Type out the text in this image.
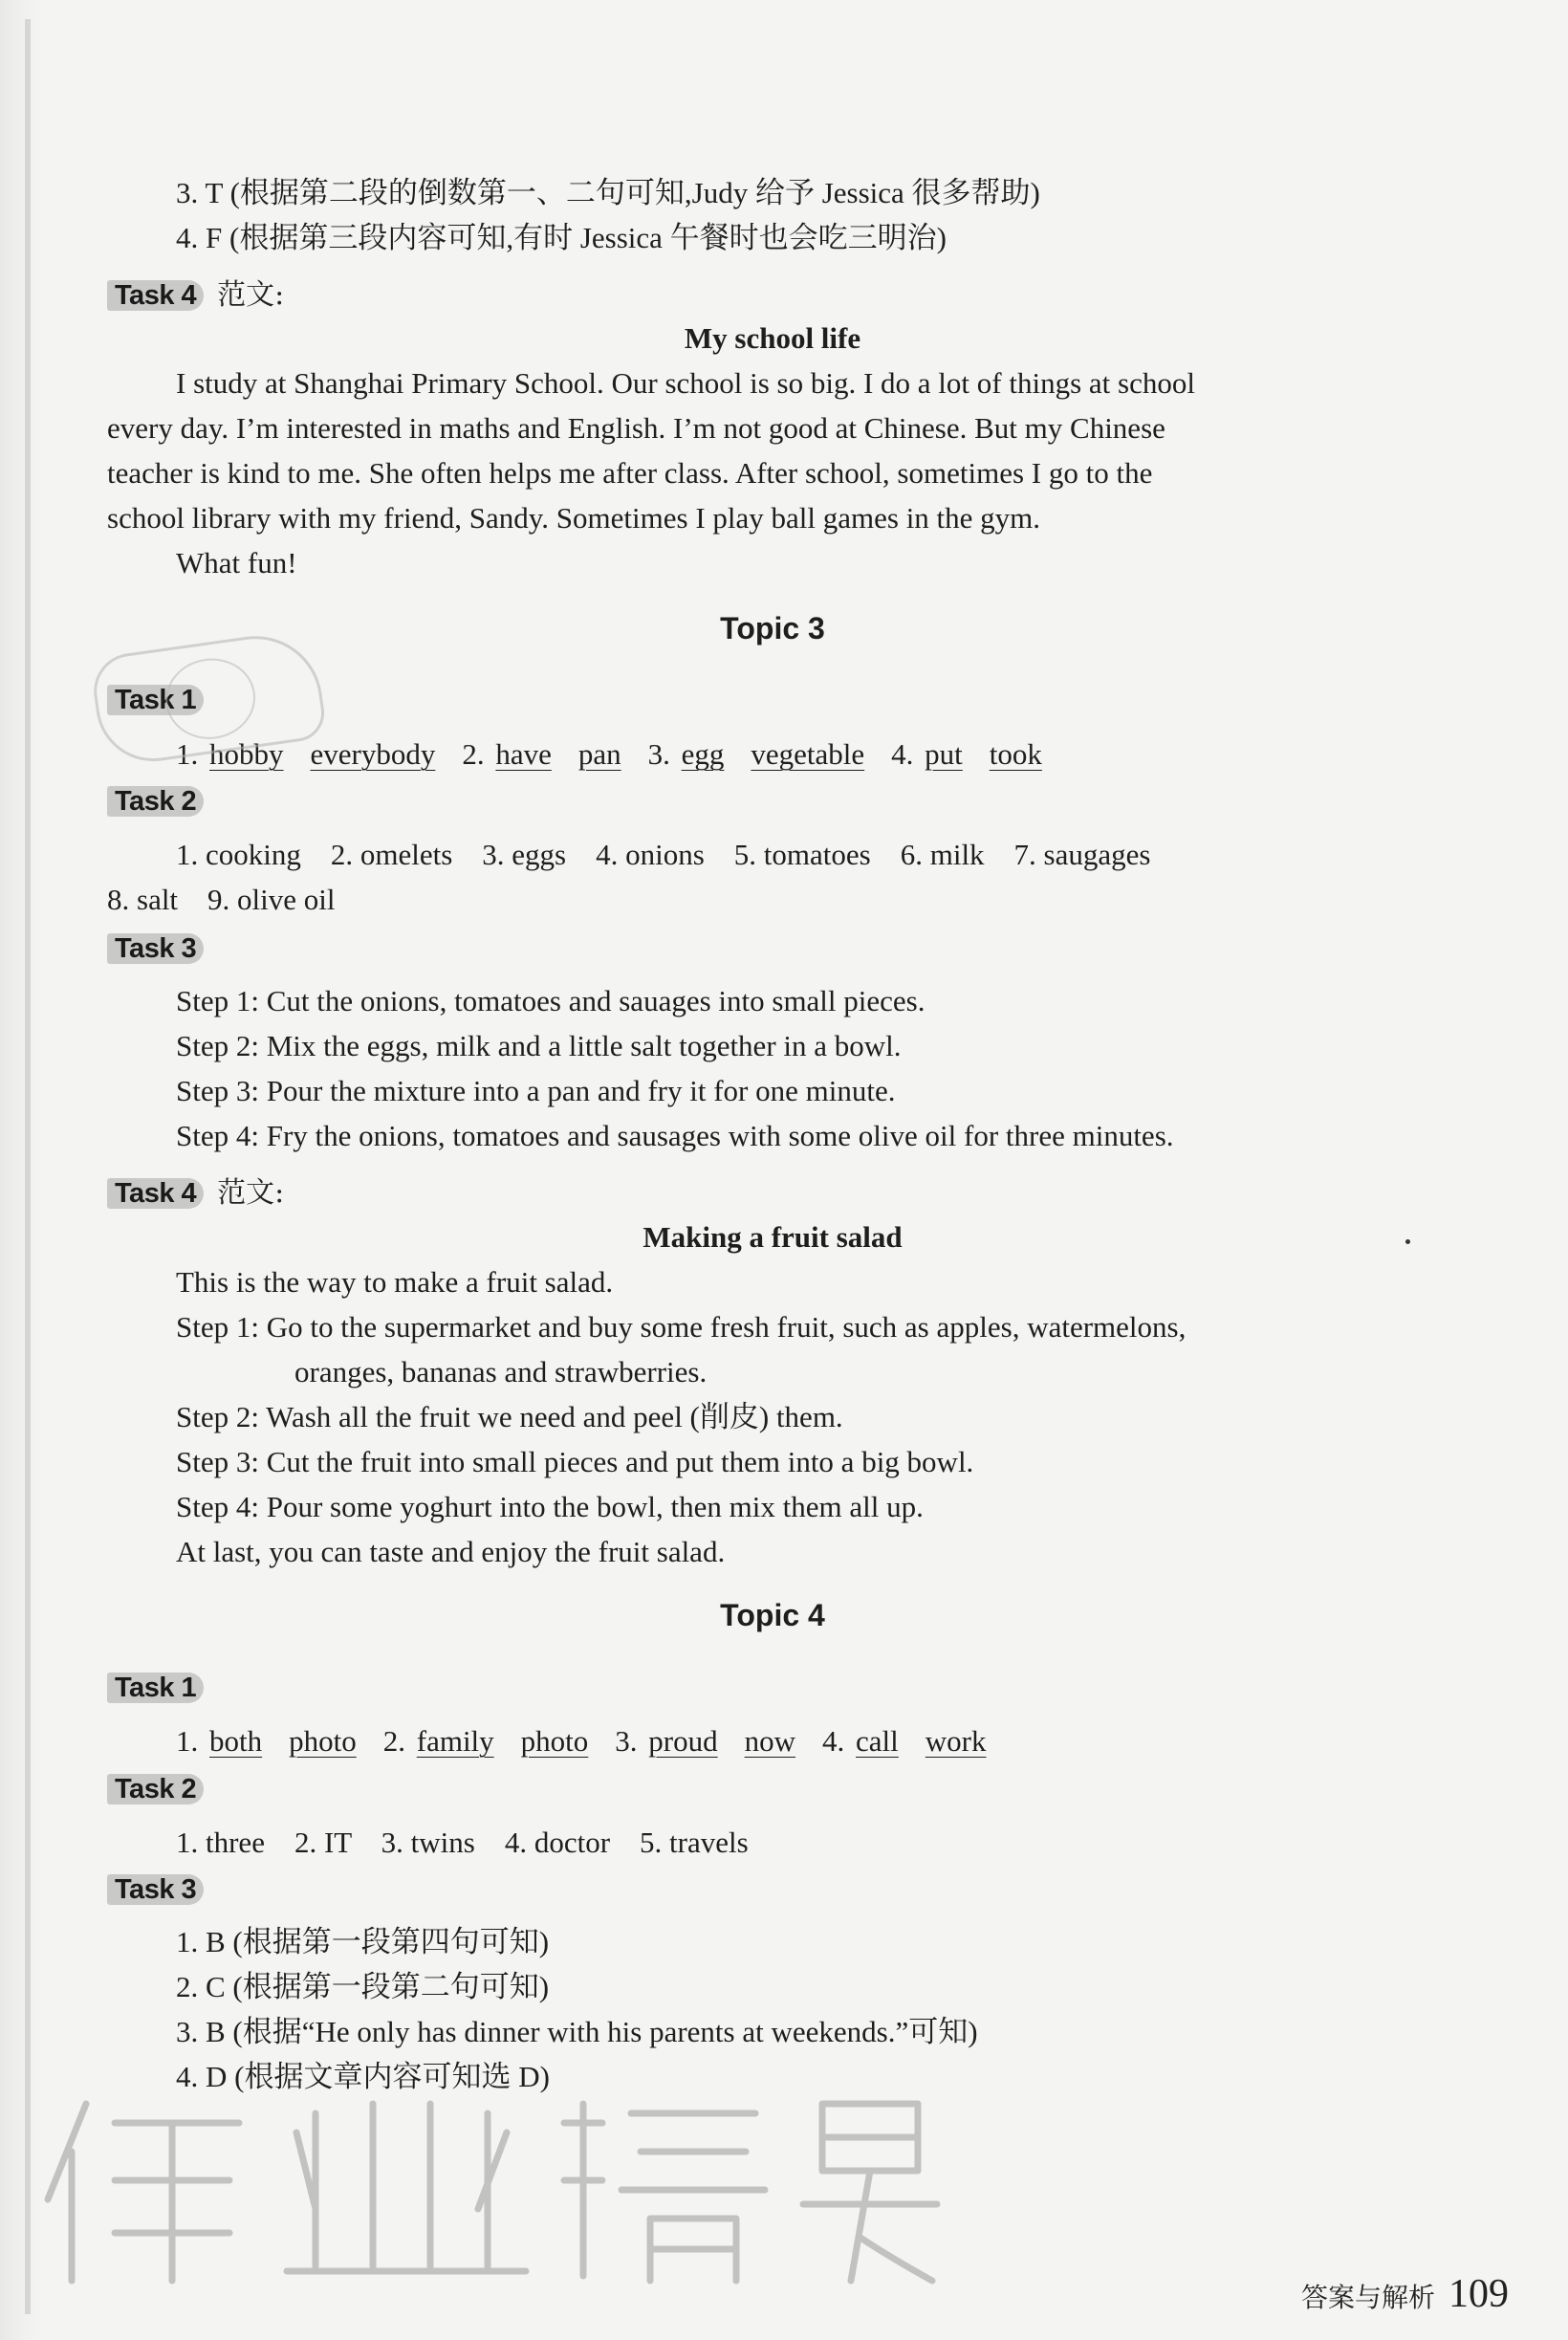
3. T (根据第二段的倒数第一、二句可知,Judy 给予 Jessica 很多帮助)
4. F (根据第三段内容可知,有时 Jessica 午餐时也会吃三明治)
Task 4 范文:
My school life
I study at Shanghai Primary School. Our school is so big. I do a lot of things at school
every day. I’m interested in maths and English. I’m not good at Chinese. But my Chinese
teacher is kind to me. She often helps me after class. After school, sometimes I go to the
school library with my friend, Sandy. Sometimes I play ball games in the gym.
What fun!
Topic 3
Task 1
1. hobby everybody 2. have pan 3. egg vegetable 4. put took
Task 2
1. cooking    2. omelets    3. eggs    4. onions    5. tomatoes    6. milk    7. saugages
8. salt    9. olive oil
Task 3
Step 1: Cut the onions, tomatoes and sauages into small pieces.
Step 2: Mix the eggs, milk and a little salt together in a bowl.
Step 3: Pour the mixture into a pan and fry it for one minute.
Step 4: Fry the onions, tomatoes and sausages with some olive oil for three minutes.
Task 4 范文:
Making a fruit salad
This is the way to make a fruit salad.
Step 1: Go to the supermarket and buy some fresh fruit, such as apples, watermelons,
oranges, bananas and strawberries.
Step 2: Wash all the fruit we need and peel (削皮) them.
Step 3: Cut the fruit into small pieces and put them into a big bowl.
Step 4: Pour some yoghurt into the bowl, then mix them all up.
At last, you can taste and enjoy the fruit salad.
Topic 4
Task 1
1. both photo 2. family photo 3. proud now 4. call work
Task 2
1. three    2. IT    3. twins    4. doctor    5. travels
Task 3
1. B (根据第一段第四句可知)
2. C (根据第一段第二句可知)
3. B (根据“He only has dinner with his parents at weekends.”可知)
4. D (根据文章内容可知选 D)
答案与解析 109
